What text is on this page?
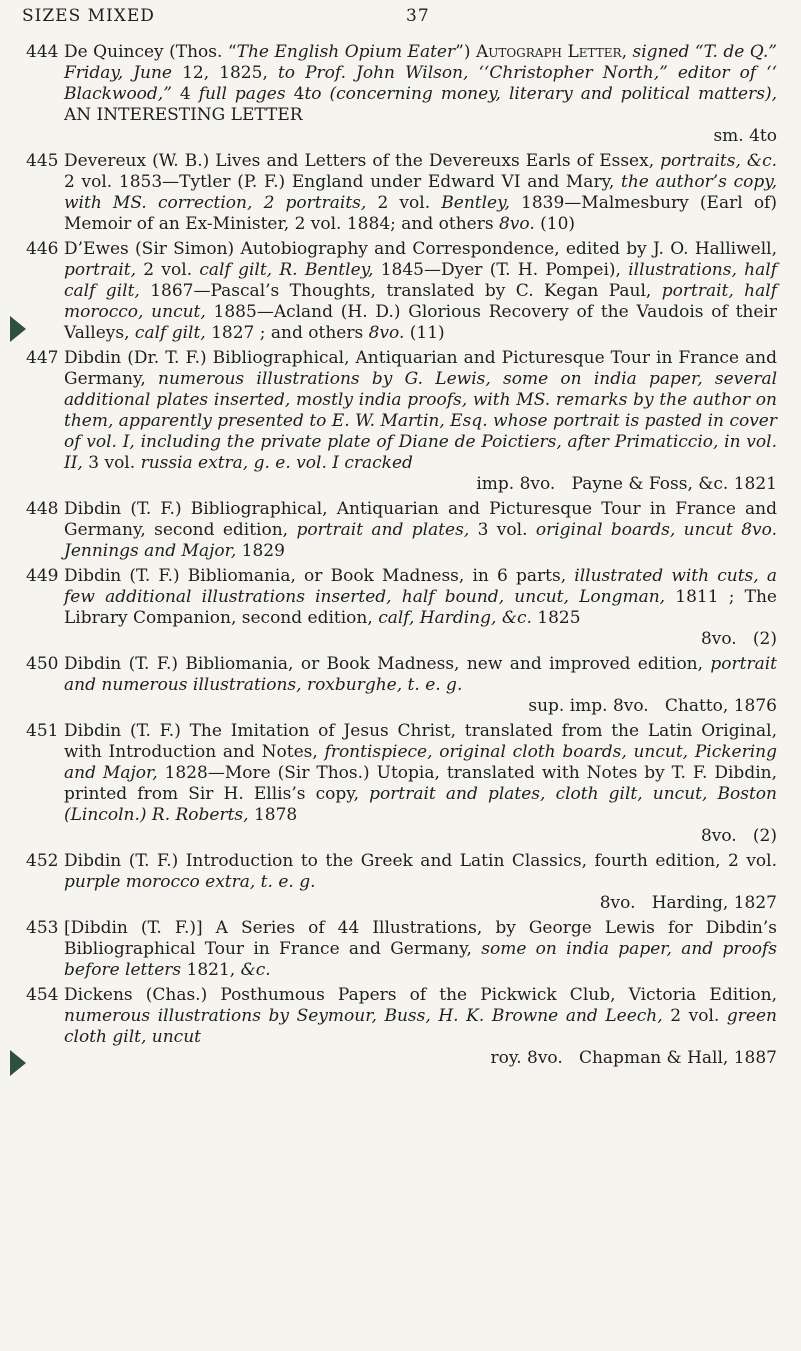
SIZES MIXED	37
444 De Quincey (Thos. “The English Opium Eater”) Autograph Letter, signed “T. de Q.” Friday, June 12, 1825, to Prof. John Wilson, ‘‘Christopher North,” editor of ‘‘ Blackwood,” 4 full pages 4to (concerning money, literary and political matters), AN INTERESTING LETTER
sm. 4to
445 Devereux (W. B.) Lives and Letters of the Devereuxs Earls of Essex, portraits, &c. 2 vol. 1853—Tytler (P. F.) England under Edward VI and Mary, the author’s copy, with MS. correction, 2 portraits, 2 vol. Bentley, 1839—Malmesbury (Earl of) Memoir of an Ex-Minister, 2 vol. 1884; and others 8vo. (10)
446 D’Ewes (Sir Simon) Autobiography and Correspondence, edited by J. O. Halliwell, portrait, 2 vol. calf gilt, R. Bentley, 1845—Dyer (T. H. Pompei), illustrations, half calf gilt, 1867—Pascal’s Thoughts, translated by C. Kegan Paul, portrait, half morocco, uncut, 1885—Acland (H. D.) Glorious Recovery of the Vaudois of their Valleys, calf gilt, 1827 ; and others 8vo. (11)
447 Dibdin (Dr. T. F.) Bibliographical, Antiquarian and Picturesque Tour in France and Germany, numerous illustrations by G. Lewis, some on india paper, several additional plates inserted, mostly india proofs, with MS. remarks by the author on them, apparently presented to E. W. Martin, Esq. whose portrait is pasted in cover of vol. I, including the private plate of Diane de Poictiers, after Primaticcio, in vol. II, 3 vol. russia extra, g. e. vol. I cracked
imp. 8vo.   Payne & Foss, &c. 1821
448 Dibdin (T. F.) Bibliographical, Antiquarian and Picturesque Tour in France and Germany, second edition, portrait and plates, 3 vol. original boards, uncut 8vo. Jennings and Major, 1829
449 Dibdin (T. F.) Bibliomania, or Book Madness, in 6 parts, illustrated with cuts, a few additional illustrations inserted, half bound, uncut, Longman, 1811 ; The Library Companion, second edition, calf, Harding, &c. 1825
8vo.   (2)
450 Dibdin (T. F.) Bibliomania, or Book Madness, new and improved edition, portrait and numerous illustrations, roxburghe, t. e. g.
sup. imp. 8vo.   Chatto, 1876
451 Dibdin (T. F.) The Imitation of Jesus Christ, translated from the Latin Original, with Introduction and Notes, frontispiece, original cloth boards, uncut, Pickering and Major, 1828—More (Sir Thos.) Utopia, translated with Notes by T. F. Dibdin, printed from Sir H. Ellis’s copy, portrait and plates, cloth gilt, uncut, Boston (Lincoln.) R. Roberts, 1878
8vo.   (2)
452 Dibdin (T. F.) Introduction to the Greek and Latin Classics, fourth edition, 2 vol. purple morocco extra, t. e. g.
8vo.   Harding, 1827
453 [Dibdin (T. F.)] A Series of 44 Illustrations, by George Lewis for Dibdin’s Bibliographical Tour in France and Germany, some on india paper, and proofs before letters 1821, &c.
454 Dickens (Chas.) Posthumous Papers of the Pickwick Club, Victoria Edition, numerous illustrations by Seymour, Buss, H. K. Browne and Leech, 2 vol. green cloth gilt, uncut
roy. 8vo.   Chapman & Hall, 1887
